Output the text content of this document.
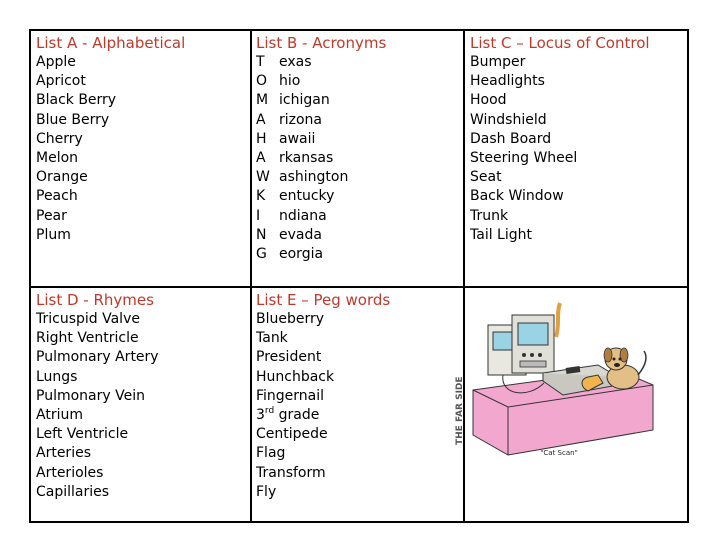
List A - Alphabetical
Apple
Apricot
Black Berry
Blue Berry
Cherry
Melon
Orange
Peach
Pear
Plum
List B - Acronyms
T	exas
O hio
M ichigan
A rizona
H awaii
A rkansas
W ashington
K entucky
I	ndiana
N evada
G eorgia
List C – Locus of Control
Bumper
Headlights
Hood
Windshield
Dash Board
Steering Wheel
Seat
Back Window
Trunk
Tail Light
List D - Rhymes
Tricuspid Valve
Right Ventricle
Pulmonary Artery
Lungs
Pulmonary Vein
Atrium
Left Ventricle
Arteries
Arterioles
Capillaries
List E – Peg words
Blueberry
Tank
President
Hunchback
Fingernail
3rd grade
Centipede
Flag
Transform
Fly
THE FAR SIDE
"Cat Scan"
